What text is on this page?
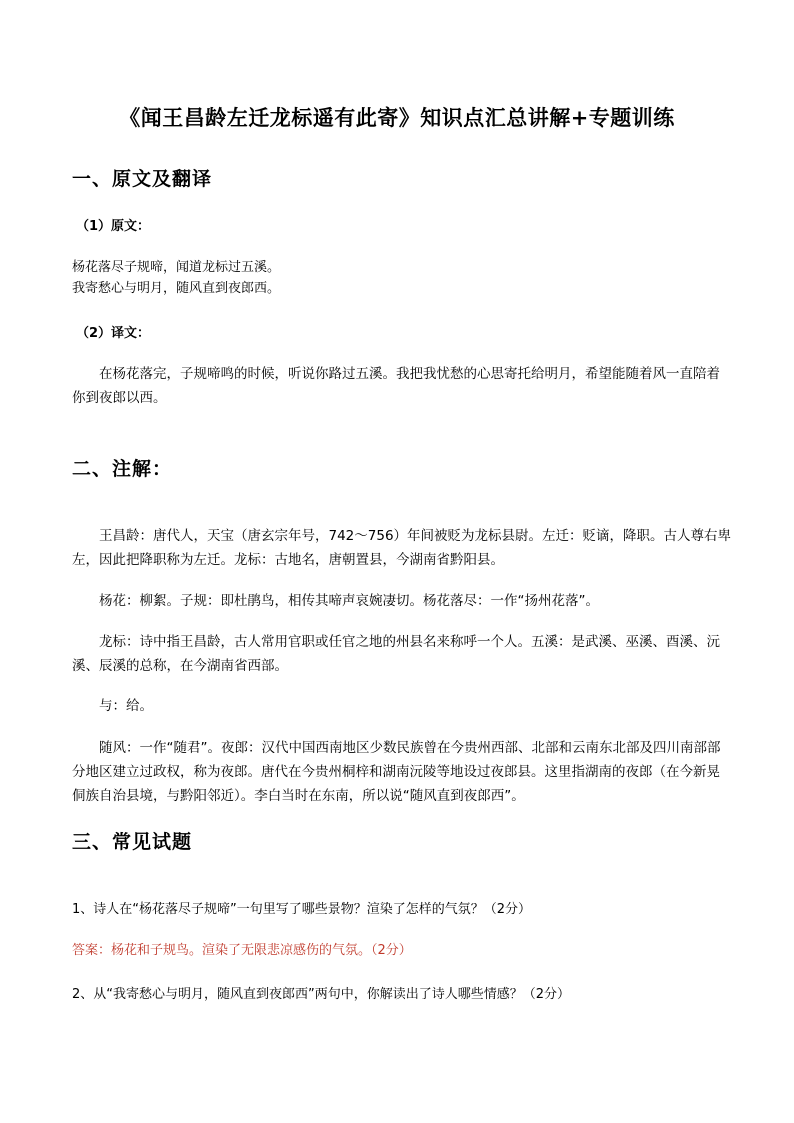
《闻王昌龄左迁龙标遥有此寄》知识点汇总讲解+专题训练
一、原文及翻译
（1）原文：
杨花落尽子规啼，闻道龙标过五溪。
我寄愁心与明月，随风直到夜郎西。
（2）译文：
在杨花落完，子规啼鸣的时候，听说你路过五溪。我把我忧愁的心思寄托给明月，希望能随着风一直陪着你到夜郎以西。
二、注解：
王昌龄：唐代人，天宝（唐玄宗年号，742～756）年间被贬为龙标县尉。左迁：贬谪，降职。古人尊右卑左，因此把降职称为左迁。龙标：古地名，唐朝置县，今湖南省黔阳县。
杨花：柳絮。子规：即杜鹃鸟，相传其啼声哀婉凄切。杨花落尽：一作“扬州花落”。
龙标：诗中指王昌龄，古人常用官职或任官之地的州县名来称呼一个人。五溪：是武溪、巫溪、酉溪、沅溪、辰溪的总称，在今湖南省西部。
与：给。
随风：一作“随君”。夜郎：汉代中国西南地区少数民族曾在今贵州西部、北部和云南东北部及四川南部部分地区建立过政权，称为夜郎。唐代在今贵州桐梓和湖南沅陵等地设过夜郎县。这里指湖南的夜郎（在今新晃侗族自治县境，与黔阳邻近）。李白当时在东南，所以说“随风直到夜郎西”。
三、常见试题
1、诗人在“杨花落尽子规啼”一句里写了哪些景物？渲染了怎样的气氛？（2分）
答案：杨花和子规鸟。渲染了无限悲凉感伤的气氛。（2分）
2、从“我寄愁心与明月，随风直到夜郎西”两句中，你解读出了诗人哪些情感？（2分）
